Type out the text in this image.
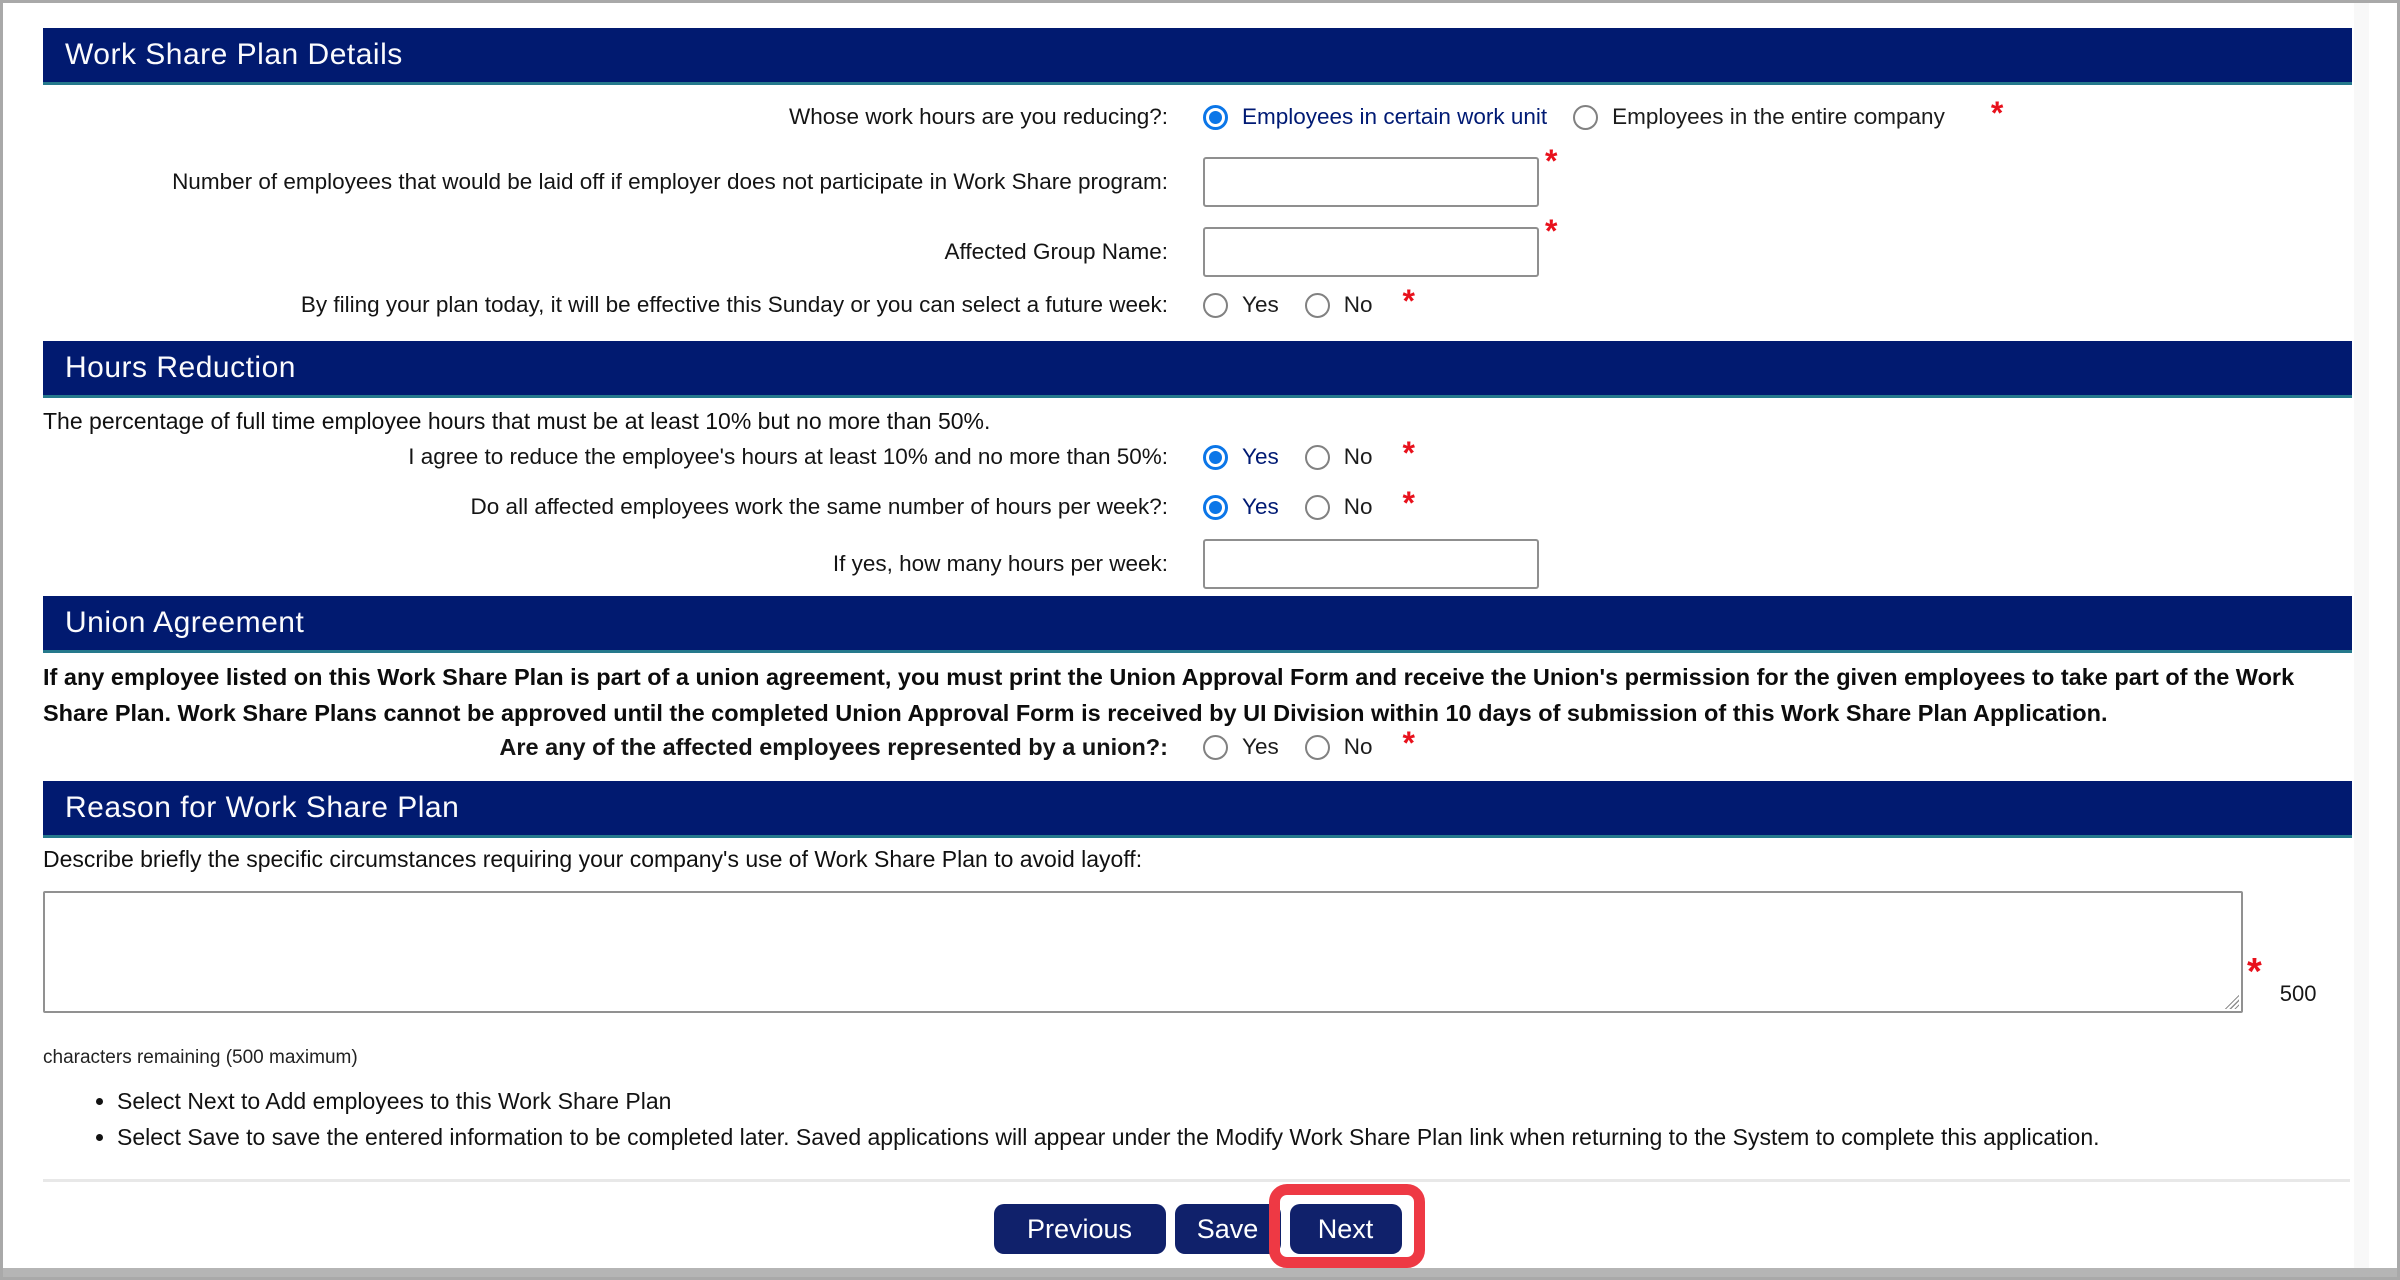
Work Share Plan Details
Whose work hours are you reducing?:	Employees in certain work unit	Employees in the entire company *
Number of employees that would be laid off if employer does not participate in Work Share program:
*
Affected Group Name:
*
By filing your plan today, it will be effective this Sunday or you can select a future week:	Yes	No *
Hours Reduction
The percentage of full time employee hours that must be at least 10% but no more than 50%.
I agree to reduce the employee's hours at least 10% and no more than 50%:	Yes	No *
Do all affected employees work the same number of hours per week?:	Yes	No *
If yes, how many hours per week:
Union Agreement
If any employee listed on this Work Share Plan is part of a union agreement, you must print the Union Approval Form and receive the Union's permission for the given employees to take part of the Work Share Plan. Work Share Plans cannot be approved until the completed Union Approval Form is received by UI Division within 10 days of submission of this Work Share Plan Application.
Are any of the affected employees represented by a union?:	Yes	No *
Reason for Work Share Plan
Describe briefly the specific circumstances requiring your company's use of Work Share Plan to avoid layoff:
*
500
characters remaining (500 maximum)
• Select Next to Add employees to this Work Share Plan
• Select Save to save the entered information to be completed later. Saved applications will appear under the Modify Work Share Plan link when returning to the System to complete this application.
Previous	Save	Next
